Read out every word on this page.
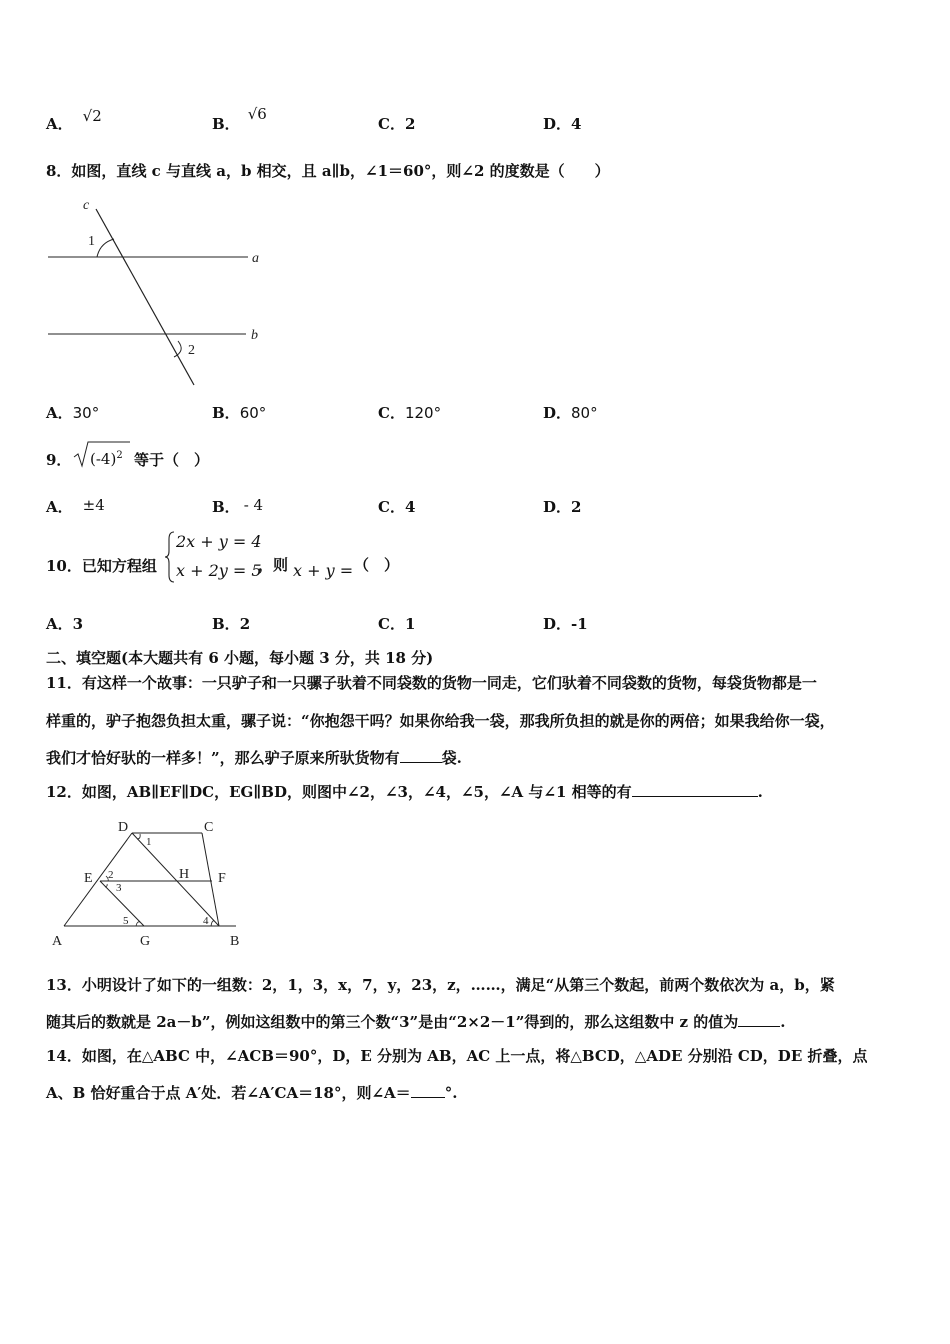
A． √2	B．√6
C．2	D．4
8．如图，直线 c 与直线 a，b 相交，且 a∥b，∠1＝60°，则∠2 的度数是（　　）
c
1
a
b
2
A．30°	B．60°	C．120°	D．80°
9． $(-4)^2$ 等于（　）
A． ±4	B． - 4	C．4	D．2
10．已知方程组
2x + y = 4
x + 2y = 5
，则 x + y = （　）
A．3	B．2	C．1	D．-1
二、填空题(本大题共有 6 小题，每小题 3 分，共 18 分)
11．有这样一个故事：一只驴子和一只骡子驮着不同袋数的货物一同走，它们驮着不同袋数的货物，每袋货物都是一
样重的，驴子抱怨负担太重，骡子说：“你抱怨干吗？如果你给我一袋，那我所负担的就是你的两倍；如果我给你一袋，
我们才恰好驮的一样多！”，那么驴子原来所驮货物有	袋.
12．如图，AB∥EF∥DC，EG∥BD，则图中∠2，∠3，∠4，∠5，∠A 与∠1 相等的有	.
D	C
1
E 2
3
H F
5	4
A	G	B
13．小明设计了如下的一组数：2，1，3，x，7，y，23，z，……，满足“从第三个数起，前两个数依次为 a，b，紧
随其后的数就是 2a－b”，例如这组数中的第三个数“3”是由“2×2－1”得到的，那么这组数中 z 的值为	.
14．如图，在△ABC 中，∠ACB＝90°，D，E 分别为 AB，AC 上一点，将△BCD，△ADE 分别沿 CD，DE 折叠，点
A、B 恰好重合于点 A′处．若∠A′CA＝18°，则∠A＝ °.
